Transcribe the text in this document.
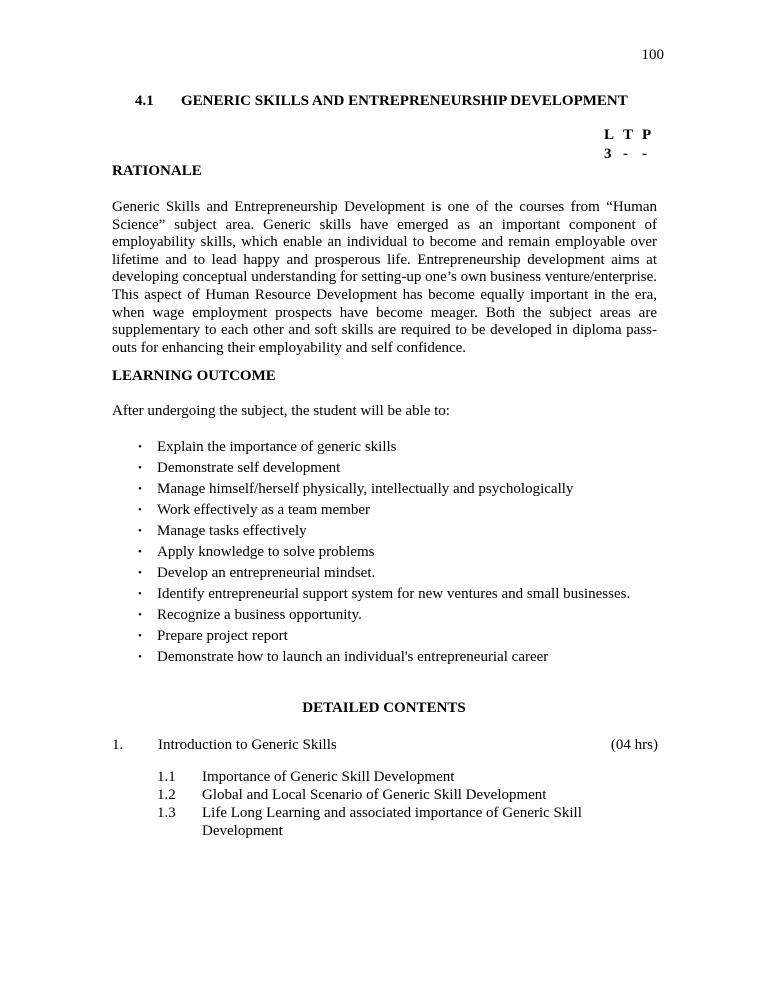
100
4.1 GENERIC SKILLS AND ENTREPRENEURSHIP DEVELOPMENT
L T P
3 - -
RATIONALE
Generic Skills and Entrepreneurship Development is one of the courses from “Human Science” subject area. Generic skills have emerged as an important component of employability skills, which enable an individual to become and remain employable over lifetime and to lead happy and prosperous life. Entrepreneurship development aims at developing conceptual understanding for setting-up one’s own business venture/enterprise. This aspect of Human Resource Development has become equally important in the era, when wage employment prospects have become meager. Both the subject areas are supplementary to each other and soft skills are required to be developed in diploma pass-outs for enhancing their employability and self confidence.
LEARNING OUTCOME
After undergoing the subject, the student will be able to:
•	Explain the importance of generic skills
•	Demonstrate self development
•	Manage himself/herself physically, intellectually and psychologically
•	Work effectively as a team member
•	Manage tasks effectively
•	Apply knowledge to solve problems
•	Develop an entrepreneurial mindset.
•	Identify entrepreneurial support system for new ventures and small businesses.
•	Recognize a business opportunity.
•	Prepare project report
•	Demonstrate how to launch an individual's entrepreneurial career
DETAILED CONTENTS
1.	Introduction to Generic Skills	(04 hrs)
1.1	Importance of Generic Skill Development
1.2	Global and Local Scenario of Generic Skill Development
1.3	Life Long Learning and associated importance of Generic Skill Development
